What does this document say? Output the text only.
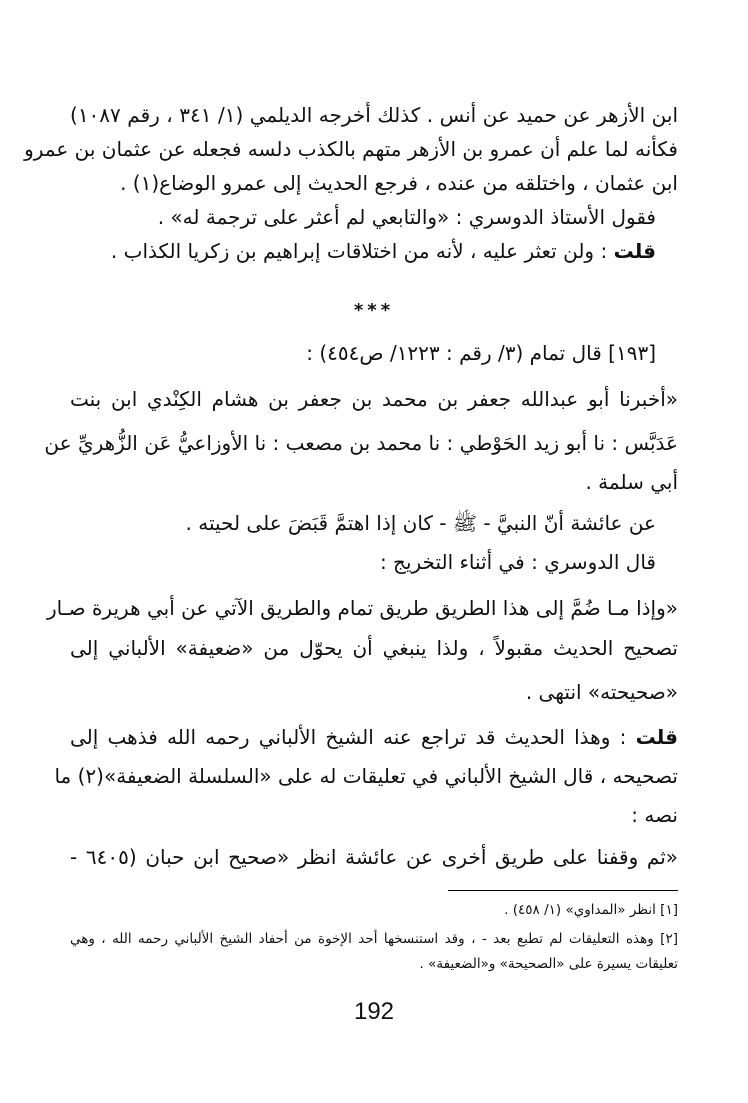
ابن الأزهر عن حميد عن أنس . كذلك أخرجه الديلمي (١/ ٣٤١ ، رقم ١٠٨٧)
فكأنه لما علم أن عمرو بن الأزهر متهم بالكذب دلسه فجعله عن عثمان بن عمرو
ابن عثمان ، واختلقه من عنده ، فرجع الحديث إلى عمرو الوضاع(١) .
فقول الأستاذ الدوسري : «والتابعي لم أعثر على ترجمة له» .
قلت : ولن تعثر عليه ، لأنه من اختلاقات إبراهيم بن زكريا الكذاب .
***
[١٩٣] قال تمام (٣/ رقم : ١٢٢٣/ ص٤٥٤) :
«أخبرنا أبو عبدالله جعفر بن محمد بن جعفر بن هشام الكِنْدي ابن بنت
عَدَبَّس : نا أبو زيد الحَوْطي : نا محمد بن مصعب : نا الأوزاعيُّ عَن الزُّهريِّ عن
أبي سلمة .
عن عائشة أنّ النبيَّ - ﷺ - كان إذا اهتمَّ قَبَضَ على لحيته .
قال الدوسري : في أثناء التخريج :
«وإذا مـا ضُمَّ إلى هذا الطريق طريق تمام والطريق الآتي عن أبي هريرة صـار
تصحيح الحديث مقبولاً ، ولذا ينبغي أن يحوّل من «ضعيفة» الألباني إلى
«صحيحته» انتهى .
قلت : وهذا الحديث قد تراجع عنه الشيخ الألباني رحمه الله فذهب إلى
تصحيحه ، قال الشيخ الألباني في تعليقات له على «السلسلة الضعيفة»(٢) ما
نصه :
«ثم وقفنا على طريق أخرى عن عائشة انظر «صحيح ابن حبان (٦٤٠٥ -
[١] انظر «المداوي» (١/ ٤٥٨) .
[٢] وهذه التعليقات لم تطبع بعد - ، وقد استنسخها أحد الإخوة من أحفاد الشيخ الألباني رحمه الله ، وهي
تعليقات يسيرة على «الصحيحة» و«الضعيفة» .
192
